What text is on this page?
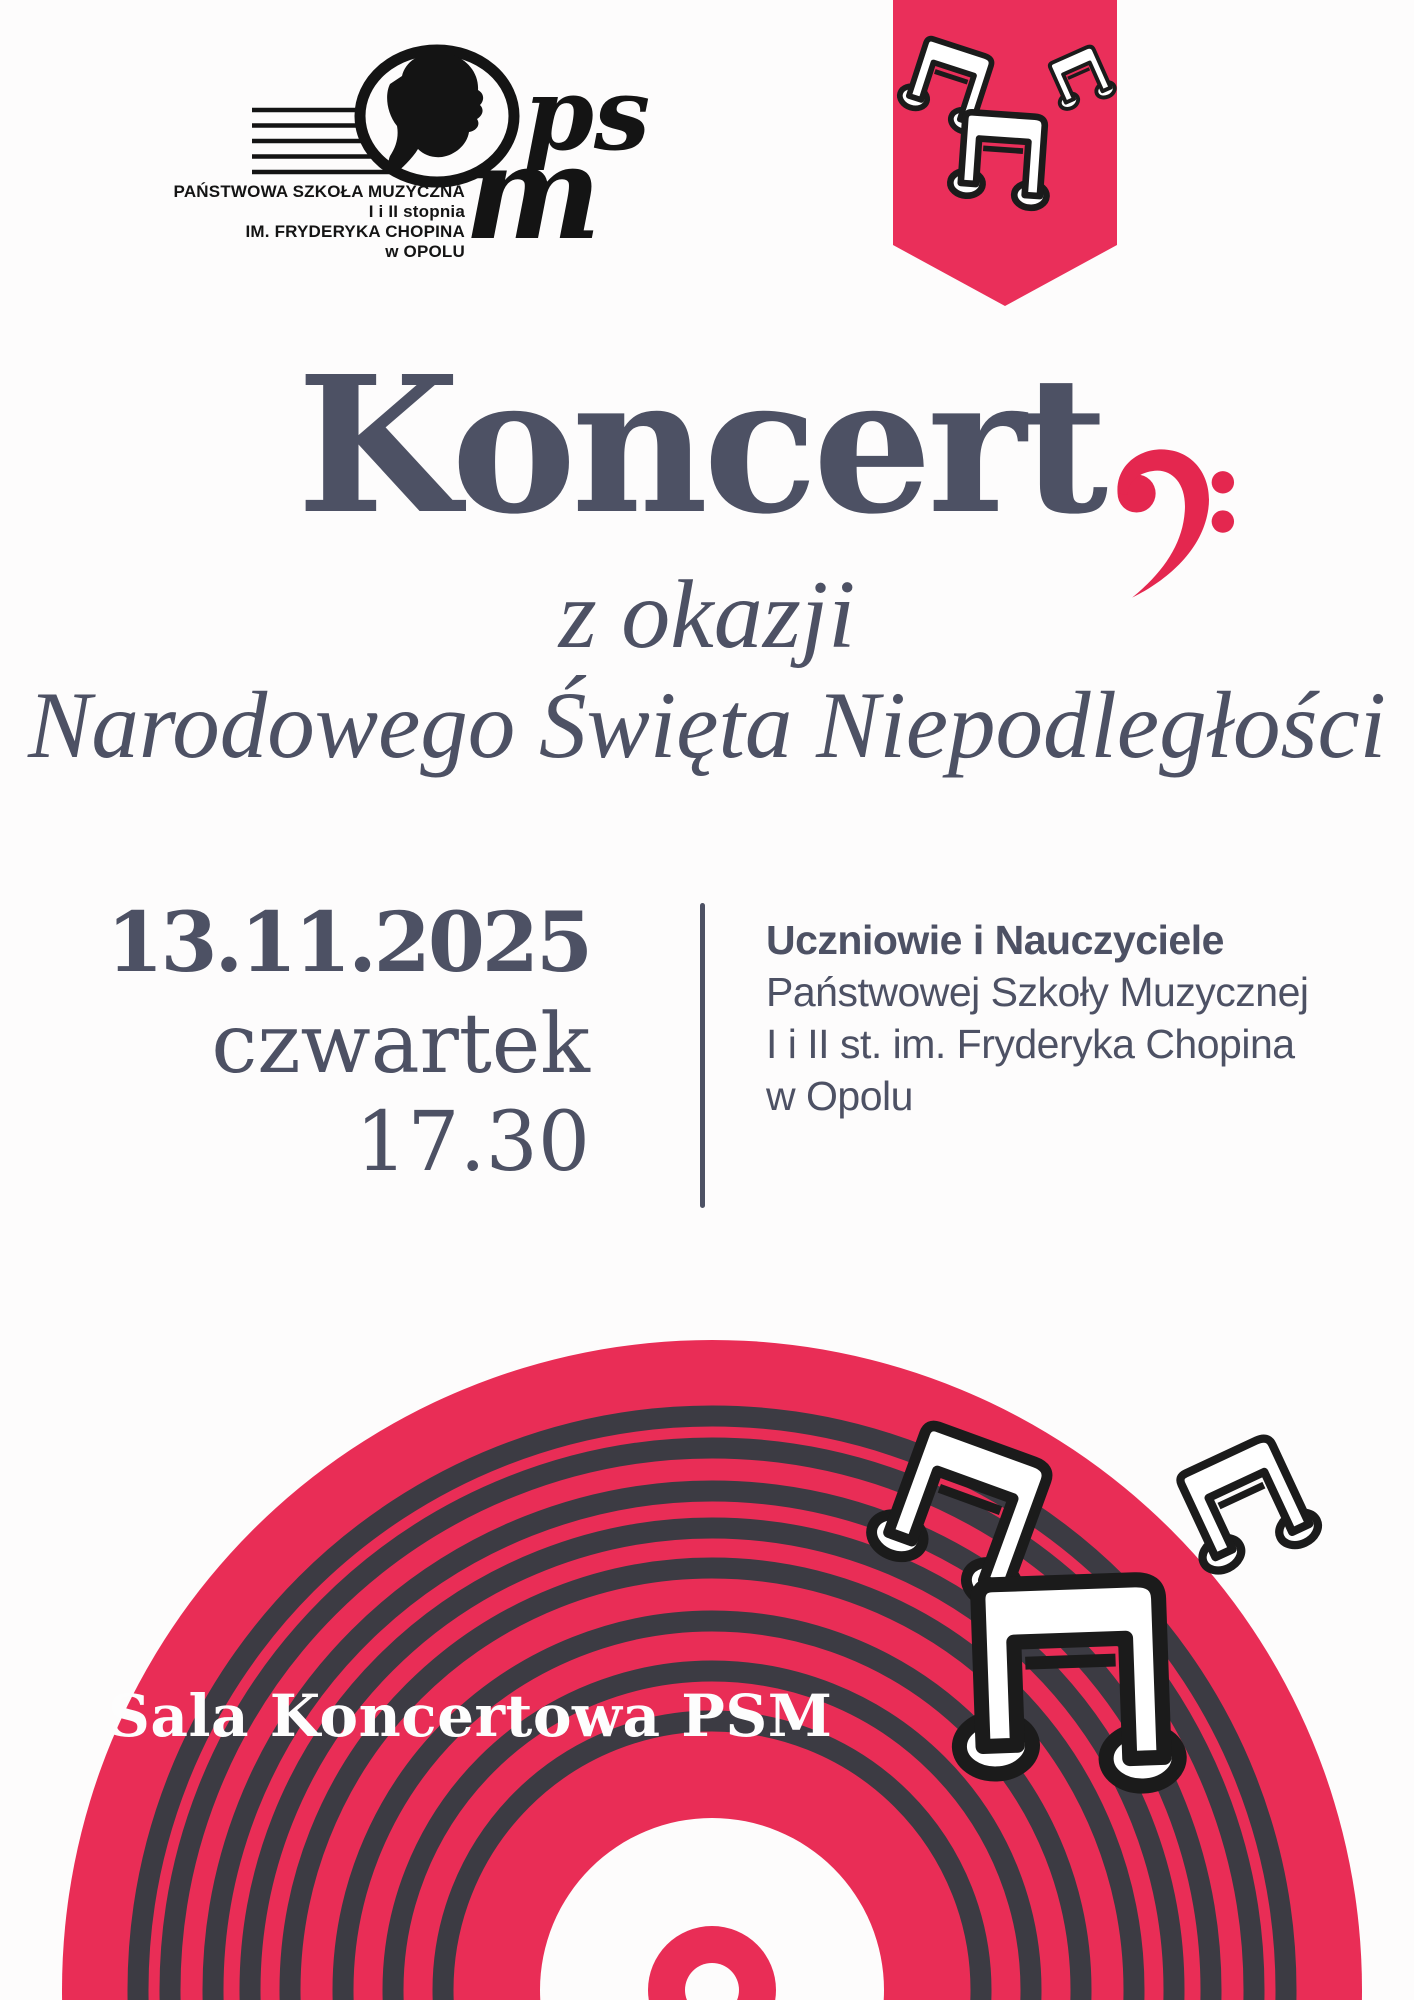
ps
m
PAŃSTWOWA SZKOŁA MUZYCZNA
I i II stopnia
IM. FRYDERYKA CHOPINA
w OPOLU
Koncert
z okazji
Narodowego Święta Niepodległości
13.11.2025
czwartek
17.30
Uczniowie i Nauczyciele
Państwowej Szkoły Muzycznej
I i II st. im. Fryderyka Chopina
w Opolu
Sala Koncertowa PSM
